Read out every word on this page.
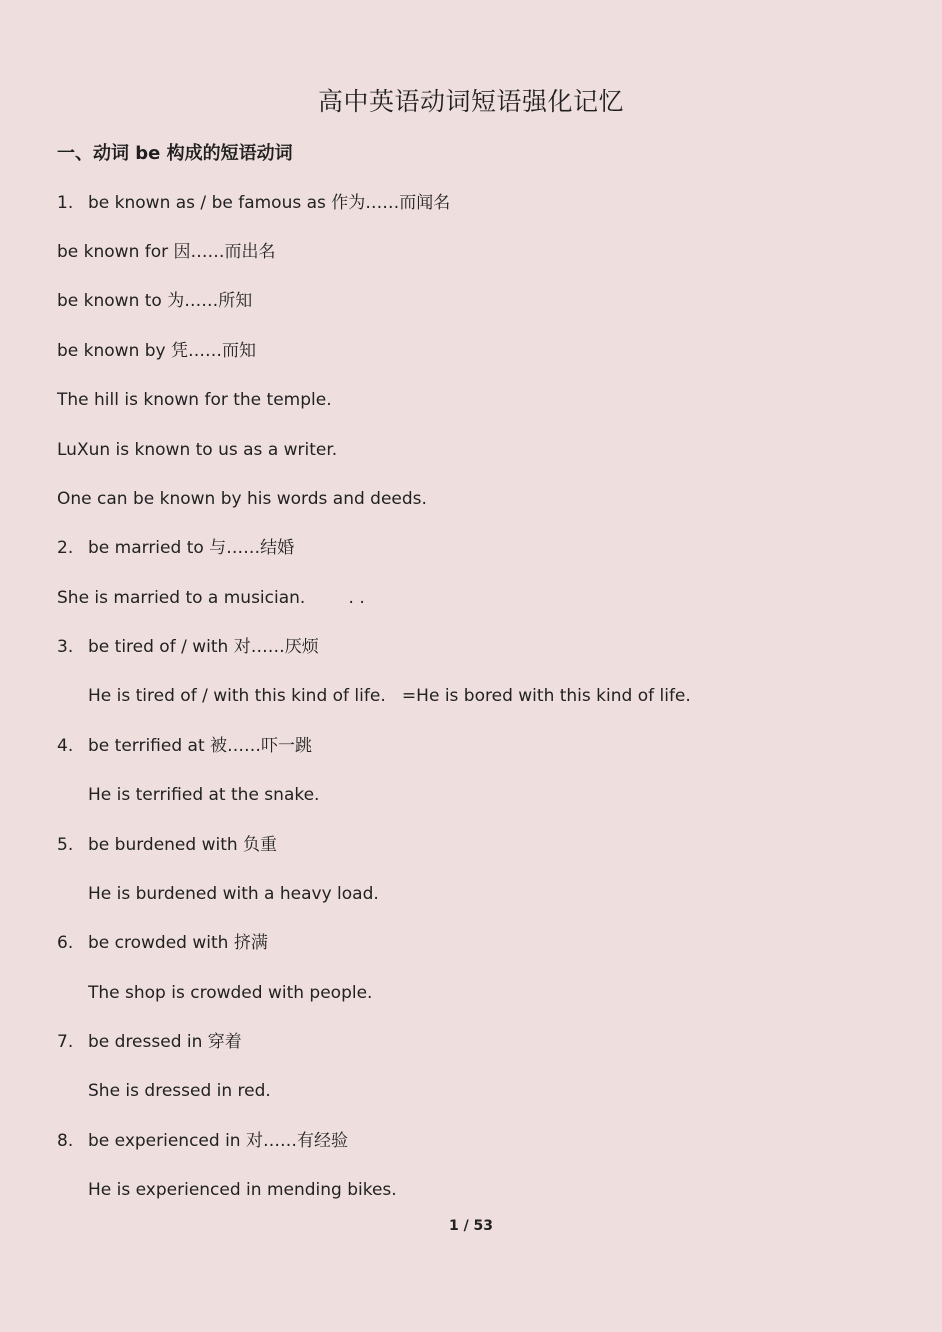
高中英语动词短语强化记忆
一、动词 be 构成的短语动词
1. be known as / be famous as 作为……而闻名
be known for 因……而出名
be known to 为……所知
be known by 凭……而知
The hill is known for the temple.
LuXun is known to us as a writer.
One can be known by his words and deeds.
2. be married to 与……结婚
She is married to a musician.        . .
3. be tired of / with 对……厌烦
He is tired of / with this kind of life.   =He is bored with this kind of life.
4. be terrified at 被……吓一跳
He is terrified at the snake.
5. be burdened with 负重
He is burdened with a heavy load.
6. be crowded with 挤满
The shop is crowded with people.
7. be dressed in 穿着
She is dressed in red.
8. be experienced in 对……有经验
He is experienced in mending bikes.
1 / 53
